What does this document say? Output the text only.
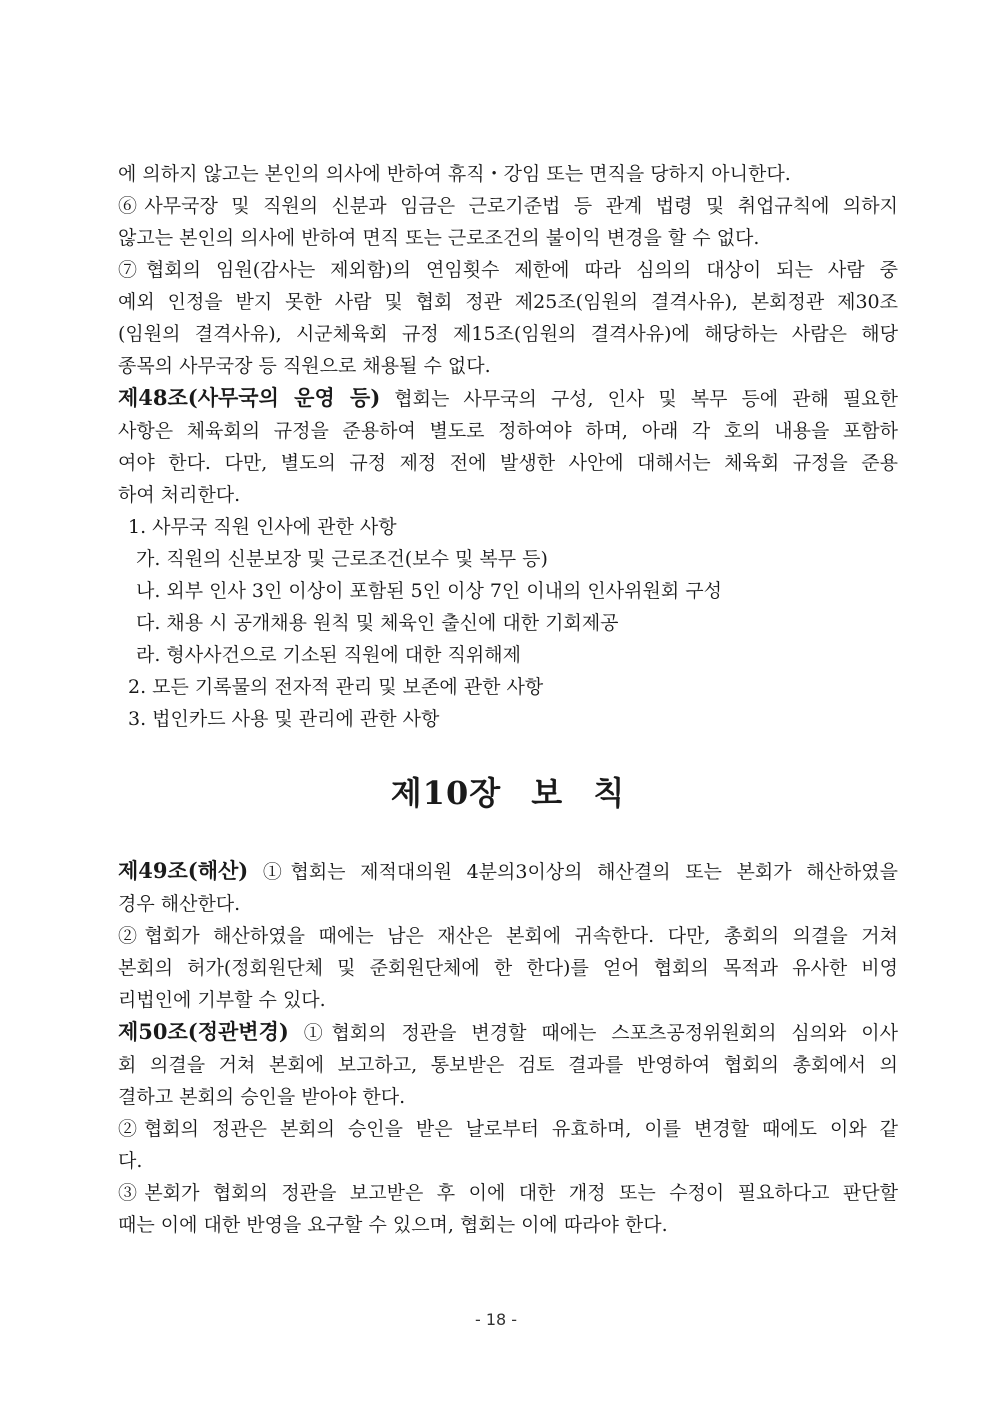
에 의하지 않고는 본인의 의사에 반하여 휴직・강임 또는 면직을 당하지 아니한다.
⑥사무국장 및 직원의 신분과 임금은 근로기준법 등 관계 법령 및 취업규칙에 의하지
않고는 본인의 의사에 반하여 면직 또는 근로조건의 불이익 변경을 할 수 없다.
⑦협회의 임원(감사는 제외함)의 연임횟수 제한에 따라 심의의 대상이 되는 사람 중
예외 인정을 받지 못한 사람 및 협회 정관 제25조(임원의 결격사유), 본회정관 제30조
(임원의 결격사유), 시군체육회 규정 제15조(임원의 결격사유)에 해당하는 사람은 해당
종목의 사무국장 등 직원으로 채용될 수 없다.
제48조(사무국의 운영 등) 협회는 사무국의 구성, 인사 및 복무 등에 관해 필요한
사항은 체육회의 규정을 준용하여 별도로 정하여야 하며, 아래 각 호의 내용을 포함하
여야 한다. 다만, 별도의 규정 제정 전에 발생한 사안에 대해서는 체육회 규정을 준용
하여 처리한다.
1. 사무국 직원 인사에 관한 사항
가. 직원의 신분보장 및 근로조건(보수 및 복무 등)
나. 외부 인사 3인 이상이 포함된 5인 이상 7인 이내의 인사위원회 구성
다. 채용 시 공개채용 원칙 및 체육인 출신에 대한 기회제공
라. 형사사건으로 기소된 직원에 대한 직위해제
2. 모든 기록물의 전자적 관리 및 보존에 관한 사항
3. 법인카드 사용 및 관리에 관한 사항
제10장 보 칙
제49조(해산) ①협회는 제적대의원 4분의3이상의 해산결의 또는 본회가 해산하였을
경우 해산한다.
②협회가 해산하였을 때에는 남은 재산은 본회에 귀속한다. 다만, 총회의 의결을 거쳐
본회의 허가(정회원단체 및 준회원단체에 한 한다)를 얻어 협회의 목적과 유사한 비영
리법인에 기부할 수 있다.
제50조(정관변경) ①협회의 정관을 변경할 때에는 스포츠공정위원회의 심의와 이사
회 의결을 거쳐 본회에 보고하고, 통보받은 검토 결과를 반영하여 협회의 총회에서 의
결하고 본회의 승인을 받아야 한다.
②협회의 정관은 본회의 승인을 받은 날로부터 유효하며, 이를 변경할 때에도 이와 같
다.
③본회가 협회의 정관을 보고받은 후 이에 대한 개정 또는 수정이 필요하다고 판단할
때는 이에 대한 반영을 요구할 수 있으며, 협회는 이에 따라야 한다.
- 18 -
